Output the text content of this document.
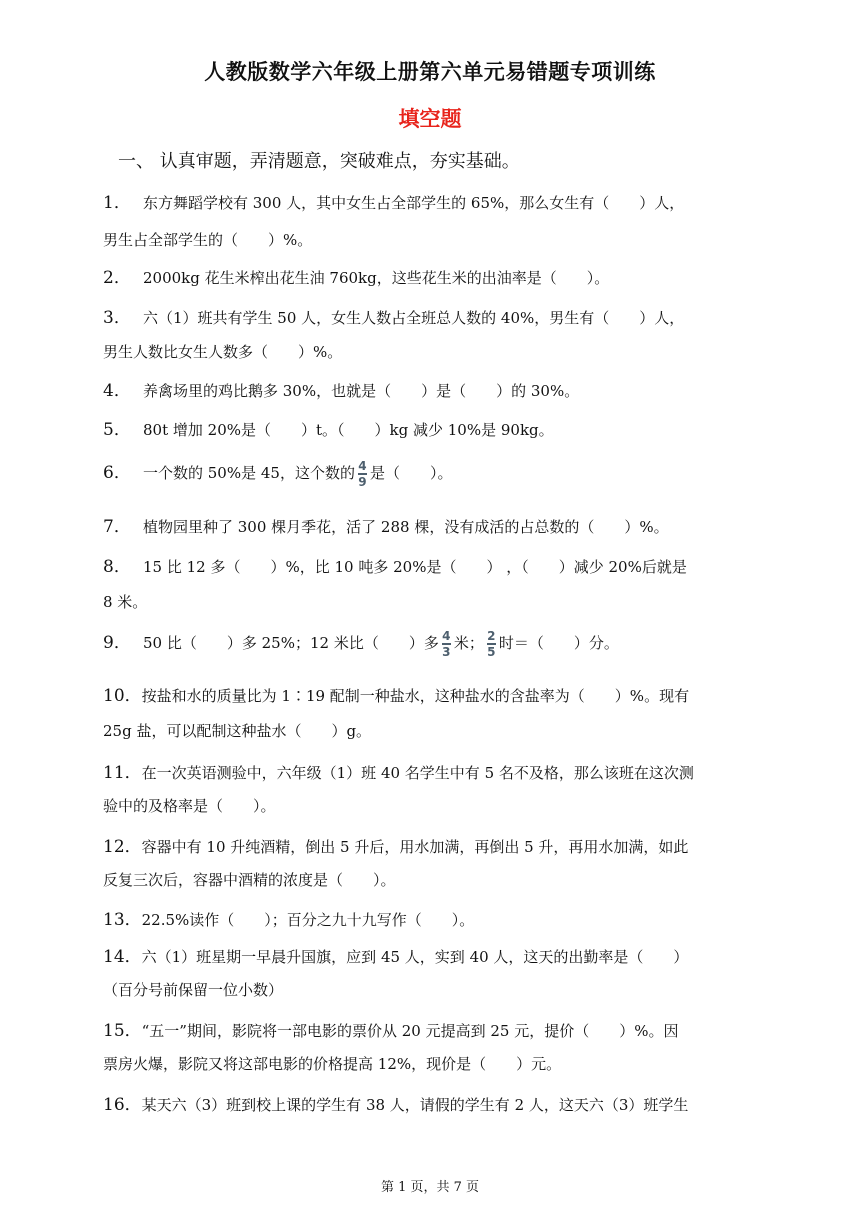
人教版数学六年级上册第六单元易错题专项训练
填空题
一、 认真审题，弄清题意，突破难点，夯实基础。
1． 东方舞蹈学校有 300 人，其中女生占全部学生的 65%，那么女生有（　　）人，
男生占全部学生的（　　）%。
2． 2000kg 花生米榨出花生油 760kg，这些花生米的出油率是（　　）。
3． 六（1）班共有学生 50 人，女生人数占全班总人数的 40%，男生有（　　）人，
男生人数比女生人数多（　　）%。
4． 养禽场里的鸡比鹅多 30%，也就是（　　）是（　　）的 30%。
5． 80t 增加 20%是（　　）t。（　　）kg 减少 10%是 90kg。
6． 一个数的 50%是 45，这个数的 $\frac{4}{9}$ 是（　　）。
7． 植物园里种了 300 棵月季花，活了 288 棵，没有成活的占总数的（　　）%。
8． 15 比 12 多（　　）%，比 10 吨多 20%是（　　） ，（　　）减少 20%后就是
8 米。
9． 50 比（　　）多 25%；12 米比（　　）多 $\frac{4}{3}$ 米； $\frac{2}{5}$ 时＝（　　）分。
10．按盐和水的质量比为 1∶19 配制一种盐水，这种盐水的含盐率为（　　）%。现有
25g 盐，可以配制这种盐水（　　）g。
11．在一次英语测验中，六年级（1）班 40 名学生中有 5 名不及格，那么该班在这次测
验中的及格率是（　　）。
12．容器中有 10 升纯酒精，倒出 5 升后，用水加满，再倒出 5 升，再用水加满，如此
反复三次后，容器中酒精的浓度是（　　）。
13．22.5%读作（　　）；百分之九十九写作（　　）。
14．六（1）班星期一早晨升国旗，应到 45 人，实到 40 人，这天的出勤率是（　　）
（百分号前保留一位小数）
15．“五一”期间，影院将一部电影的票价从 20 元提高到 25 元，提价（　　）%。因
票房火爆，影院又将这部电影的价格提高 12%，现价是（　　）元。
16．某天六（3）班到校上课的学生有 38 人，请假的学生有 2 人，这天六（3）班学生
第 1 页，共 7 页
